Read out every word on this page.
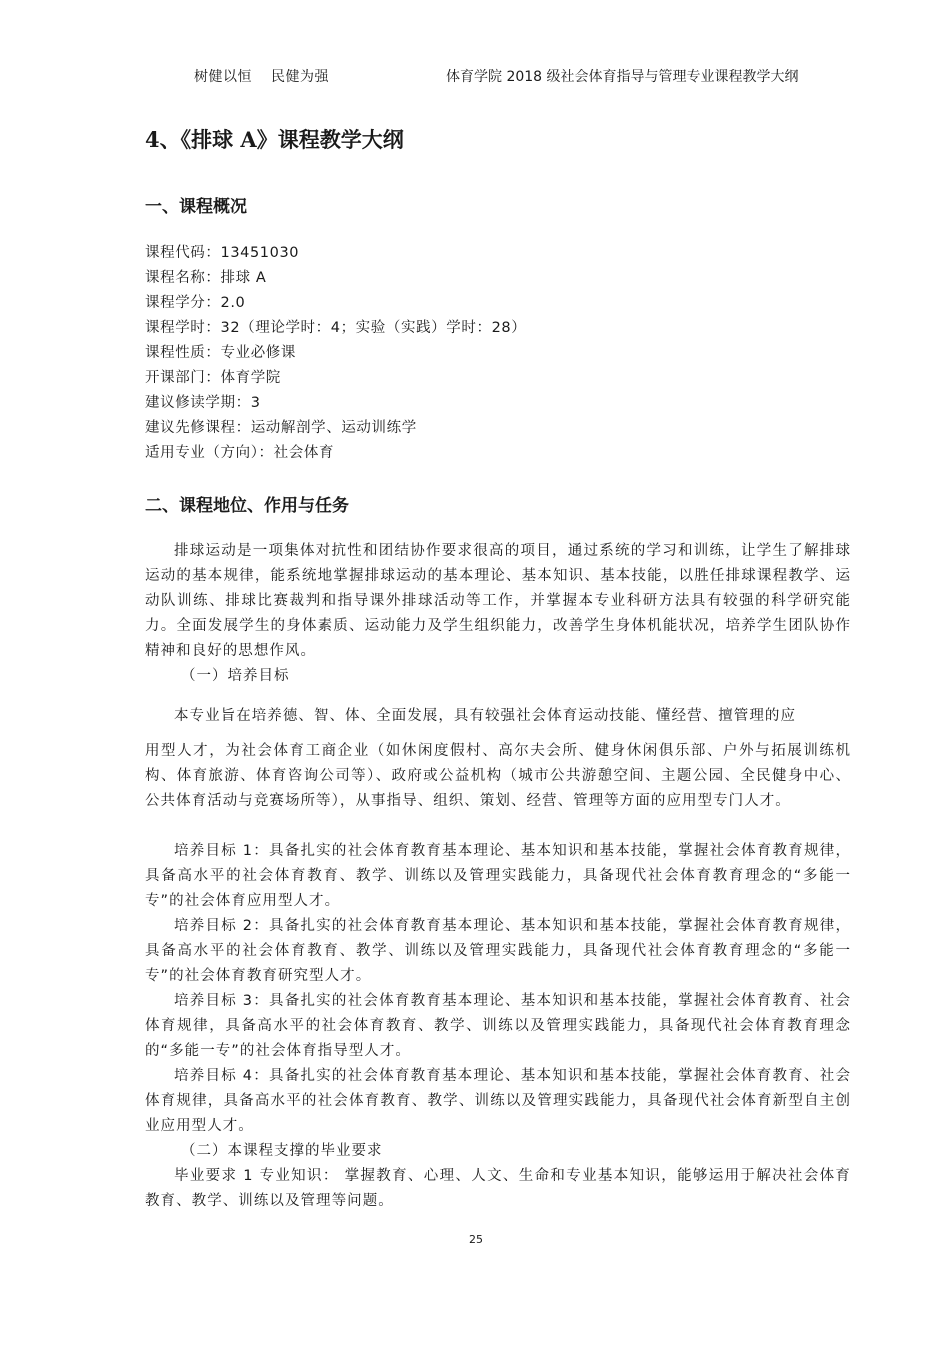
树健以恒 民健为强	体育学院 2018 级社会体育指导与管理专业课程教学大纲
4、《排球 A》课程教学大纲
一、课程概况
课程代码：13451030
课程名称：排球 A
课程学分：2.0
课程学时：32（理论学时：4；实验（实践）学时：28）
课程性质：专业必修课
开课部门：体育学院
建议修读学期：3
建议先修课程：运动解剖学、运动训练学
适用专业（方向）：社会体育
二、课程地位、作用与任务

排球运动是一项集体对抗性和团结协作要求很高的项目，通过系统的学习和训练，让学生了解排球运动的基本规律，能系统地掌握排球运动的基本理论、基本知识、基本技能，以胜任排球课程教学、运动队训练、排球比赛裁判和指导课外排球活动等工作，并掌握本专业科研方法具有较强的科学研究能力。全面发展学生的身体素质、运动能力及学生组织能力，改善学生身体机能状况，培养学生团队协作精神和良好的思想作风。

（一）培养目标

本专业旨在培养德、智、体、全面发展，具有较强社会体育运动技能、懂经营、擅管理的应

用型人才，为社会体育工商企业（如休闲度假村、高尔夫会所、健身休闲俱乐部、户外与拓展训练机构、体育旅游、体育咨询公司等）、政府或公益机构（城市公共游憩空间、主题公园、全民健身中心、公共体育活动与竞赛场所等），从事指导、组织、策划、经营、管理等方面的应用型专门人才。

培养目标 1：具备扎实的社会体育教育基本理论、基本知识和基本技能，掌握社会体育教育规律，具备高水平的社会体育教育、教学、训练以及管理实践能力，具备现代社会体育教育理念的“多能一专”的社会体育应用型人才。

培养目标 2：具备扎实的社会体育教育基本理论、基本知识和基本技能，掌握社会体育教育规律，具备高水平的社会体育教育、教学、训练以及管理实践能力，具备现代社会体育教育理念的“多能一专”的社会体育教育研究型人才。

培养目标 3：具备扎实的社会体育教育基本理论、基本知识和基本技能，掌握社会体育教育、社会体育规律，具备高水平的社会体育教育、教学、训练以及管理实践能力，具备现代社会体育教育理念的“多能一专”的社会体育指导型人才。

培养目标 4：具备扎实的社会体育教育基本理论、基本知识和基本技能，掌握社会体育教育、社会体育规律，具备高水平的社会体育教育、教学、训练以及管理实践能力，具备现代社会体育新型自主创业应用型人才。

（二）本课程支撑的毕业要求

毕业要求 1 专业知识： 掌握教育、心理、人文、生命和专业基本知识，能够运用于解决社会体育教育、教学、训练以及管理等问题。

25
